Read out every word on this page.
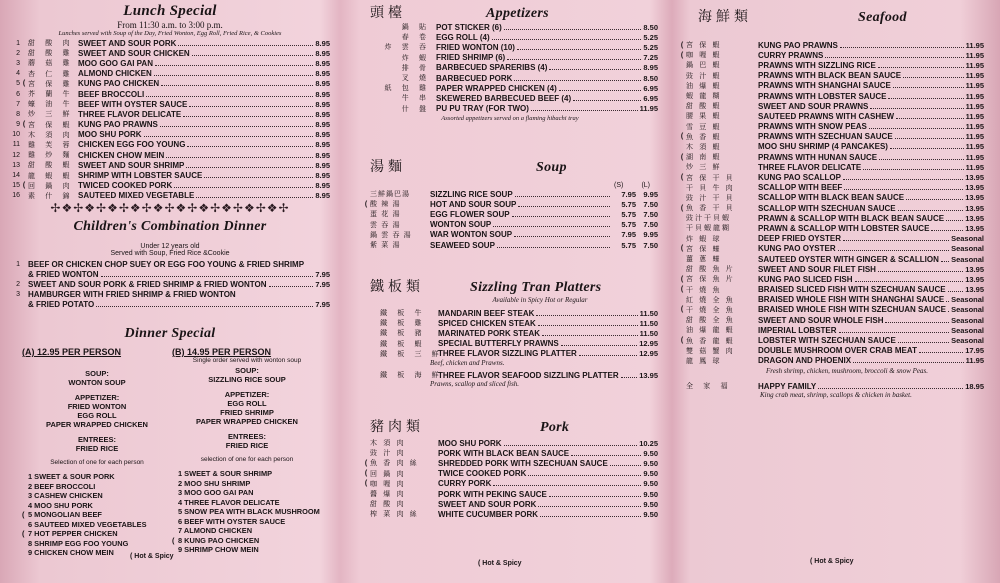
Lunch Special
From 11:30 a.m. to 3:00 p.m.
Lunches served with Soup of the Day, Fried Wonton, Egg Roll, Fried Rice, & Cookies
1 甜 酸 肉 SWEET AND SOUR PORK	8.95
2 甜 酸 雞 SWEET AND SOUR CHICKEN	8.95
3 蘑 菇 雞 MOO GOO GAI PAN	8.95
4 杏 仁 雞 ALMOND CHICKEN	8.95
5 ( 宮 保 雞 KUNG PAO CHICKEN	8.95
6 芥 蘭 牛 BEEF BROCCOLI	8.95
7 蠔 油 牛 BEEF WITH OYSTER SAUCE	8.95
8 炒 三 鮮 THREE FLAVOR DELICATE	8.95
9 ( 宮 保 蝦 KUNG PAO PRAWNS	8.95
10 木 須 肉 MOO SHU PORK	8.95
11 雞 芙 蓉 CHICKEN EGG FOO YOUNG	8.95
12 雞 炒 麵 CHICKEN CHOW MEIN	8.95
13 甜 酸 蝦 SWEET AND SOUR SHRIMP	8.95
14 龍 蝦 蝦 SHRIMP WITH LOBSTER SAUCE	8.95
15 ( 回 鍋 肉 TWICED COOKED PORK	8.95
16 素 什 錦 SAUTEED MIXED VEGETABLE	8.95
✢❖✢❖✢❖✢❖✢❖✢❖✢❖✢❖✢❖✢❖✢
Children's Combination Dinner
Under 12 years old
Served with Soup, Fried Rice &Cookie
1 BEEF OR CHICKEN CHOP SUEY OR EGG FOO YOUNG & FRIED SHRIMP
& FRIED WONTON	7.95
2 SWEET AND SOUR PORK & FRIED SHRIMP & FRIED WONTON	7.95
3 HAMBURGER WITH FRIED SHRIMP & FRIED WONTON
& FRIED POTATO	7.95
Dinner Special
(A) 12.95 PER PERSON
SOUP:
WONTON SOUP
APPETIZER:
FRIED WONTON
EGG ROLL
PAPER WRAPPED CHICKEN
ENTREES:
FRIED RICE
Selection of one for each person
1 SWEET & SOUR PORK
2 BEEF BROCCOLI
3 CASHEW CHICKEN
4 MOO SHU PORK
( 5 MONGOLIAN BEEF
6 SAUTEED MIXED VEGETABLES
( 7 HOT PEPPER CHICKEN
8 SHRIMP EGG FOO YOUNG
9 CHICKEN CHOW MEIN
(B) 14.95 PER PERSON
Single order served with wonton soup
SOUP:
SIZZLING RICE SOUP
APPETIZER:
EGG ROLL
FRIED SHRIMP
PAPER WRAPPED CHICKEN
ENTREES:
FRIED RICE
selection of one for each person
1 SWEET & SOUR SHRIMP
2 MOO SHU SHRIMP
3 MOO GOO GAI PAN
4 THREE FLAVOR DELICATE
5 SNOW PEA WITH BLACK MUSHROOM
6 BEEF WITH OYSTER SAUCE
7 ALMOND CHICKEN
( 8 KUNG PAO CHICKEN
9 SHRIMP CHOW MEIN
( Hot & Spicy
頭檯	Appetizers
鍋 貼 POT STICKER (6)	8.50
春 卷 EGG ROLL (4)	5.25
炸 雲 吞 FRIED WONTON (10)	5.25
炸 蝦 FRIED SHRIMP (6)	7.25
排 骨 BARBECUED SPARERIBS (4)	8.95
叉 燒 BARBECUED PORK	8.50
紙 包 雞 PAPER WRAPPED CHICKEN (4)	6.95
牛 串 SKEWERED BARBECUED BEEF (4)	6.95
什 盤 PU PU TRAY (FOR TWO)	11.95
Assorted appetizers served on a flaming hibachi tray
湯麵	Soup
(S)	(L)
三鮮鍋巴湯	SIZZLING RICE SOUP	7.95 9.95
( 酸 辣 湯	HOT AND SOUR SOUP	5.75 7.50
蛋 花 湯	EGG FLOWER SOUP	5.75 7.50
雲 吞 湯	WONTON SOUP	5.75 7.50
鍋 雲 吞 湯	WAR WONTON SOUP	7.95 9.95
紫 菜 湯	SEAWEED SOUP	5.75 7.50
鐵板類	Sizzling Tran Platters
Available in Spicy Hot or Regular
鐵 板 牛	MANDARIN BEEF STEAK	11.50
鐵 板 雞	SPICED CHICKEN STEAK	11.50
鐵 板 豬	MARINATED PORK STEAK	11.50
鐵 板 蝦	SPECIAL BUTTERFLY PRAWNS	12.95
鐵 板 三 鮮
THREE FLAVOR SIZZLING PLATTER	12.95
Beef, chicken and Prawns.
鐵 板 海 鮮
THREE FLAVOR SEAFOOD SIZZLING PLATTER	13.95
Prawns, scallop and sliced fish.
豬肉類	Pork
木 須 肉	MOO SHU PORK	10.25
豉 汁 肉	PORK WITH BLACK BEAN SAUCE	9.50
( 魚 香 肉 絲	SHREDDED PORK WITH SZECHUAN SAUCE	9.50
( 回 鍋 肉	TWICE COOKED PORK	9.50
( 咖 喱 肉	CURRY PORK	9.50
醬 爆 肉	PORK WITH PEKING SAUCE	9.50
甜 酸 肉	SWEET AND SOUR PORK	9.50
榨 菜 肉 絲	WHITE CUCUMBER PORK	9.50
( Hot & Spicy
海鮮類	Seafood
( 宮 保 蝦	KUNG PAO PRAWNS	11.95
( 咖 喱 蝦	CURRY PRAWNS	11.95
鍋 巴 蝦	PRAWNS WITH SIZZLING RICE	11.95
豉 汁 蝦	PRAWNS WITH BLACK BEAN SAUCE	11.95
油 爆 蝦	PRAWNS WITH SHANGHAI SAUCE	11.95
蝦 龍 糊	PRAWNS WITH LOBSTER SAUCE	11.95
甜 酸 蝦	SWEET AND SOUR PRAWNS	11.95
腰 果 蝦	SAUTEED PRAWNS WITH CASHEW	11.95
雪 豆 蝦	PRAWNS WITH SNOW PEAS	11.95
( 魚 香 蝦	PRAWNS WITH SZECHUAN SAUCE	11.95
木 須 蝦	MOO SHU SHRIMP (4 PANCAKES)	11.95
( 湖 南 蝦	PRAWNS WITH HUNAN SAUCE	11.95
炒 三 鮮	THREE FLAVOR DELICATE	11.95
( 宮 保 干 貝	KUNG PAO SCALLOP	13.95
干 貝 牛 肉	SCALLOP WITH BEEF	13.95
豉 汁 干 貝	SCALLOP WITH BLACK BEAN SAUCE	13.95
( 魚 香 干 貝	SCALLOP WITH SZECHUAN SAUCE	13.95
豉汁干貝蝦	PRAWN & SCALLOP WITH BLACK BEAN SAUCE	13.95
干貝蝦龍糊	PRAWN & SCALLOP WITH LOBSTER SAUCE	13.95
炸 蝦 球	DEEP FRIED OYSTER	Seasonal
( 宮 保 蠔	KUNG PAO OYSTER	Seasonal
薑 蔥 蠔	SAUTEED OYSTER WITH GINGER & SCALLION Seasonal
甜 酸 魚 片	SWEET AND SOUR FILET FISH	13.95
( 宮 保 魚 片	KUNG PAO SLICED FISH	13.95
( 干 燒 魚	BRAISED SLICED FISH WITH SZECHUAN SAUCE	13.95
紅 燒 全 魚	BRAISED WHOLE FISH WITH SHANGHAI SAUCE Seasonal
( 干 燒 全 魚	BRAISED WHOLE FISH WITH SZECHUAN SAUCE Seasonal
甜 酸 全 魚	SWEET AND SOUR WHOLE FISH	Seasonal
油 爆 龍 蝦	IMPERIAL LOBSTER	Seasonal
( 魚 香 龍 蝦	LOBSTER WITH SZECHUAN SAUCE	Seasonal
雙 菇 蟹 肉	DOUBLE MUSHROOM OVER CRAB MEAT	17.95
龍 鳳 球	DRAGON AND PHOENIX	11.95
Fresh shrimp, chicken, mushroom, broccoli & snow Peas.
全 家 福	HAPPY FAMILY	18.95
King crab meat, shrimp, scallops & chicken in basket.
( Hot & Spicy
